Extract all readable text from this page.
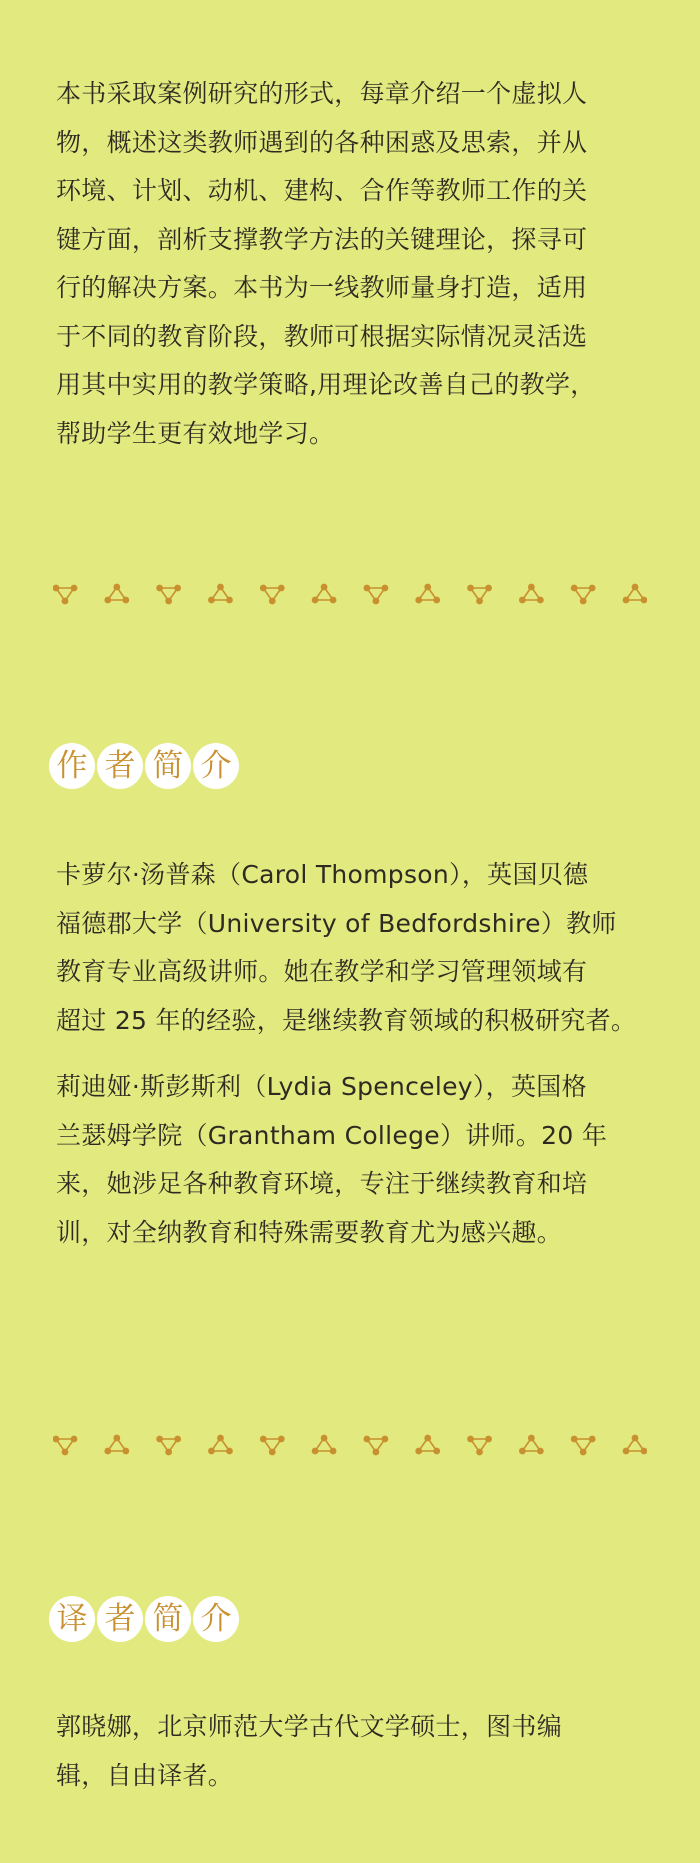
本书采取案例研究的形式，每章介绍一个虚拟人
物，概述这类教师遇到的各种困惑及思索，并从
环境、计划、动机、建构、合作等教师工作的关
键方面，剖析支撑教学方法的关键理论，探寻可
行的解决方案。本书为一线教师量身打造，适用
于不同的教育阶段，教师可根据实际情况灵活选
用其中实用的教学策略,用理论改善自己的教学，
帮助学生更有效地学习。

作 者 简 介

卡萝尔·汤普森（Carol Thompson），英国贝德
福德郡大学（University of Bedfordshire）教师
教育专业高级讲师。她在教学和学习管理领域有
超过 25 年的经验，是继续教育领域的积极研究者。

莉迪娅·斯彭斯利（Lydia Spenceley），英国格
兰瑟姆学院（Grantham College）讲师。20 年
来，她涉足各种教育环境，专注于继续教育和培
训，对全纳教育和特殊需要教育尤为感兴趣。

译 者 简 介

郭晓娜，北京师范大学古代文学硕士，图书编
辑，自由译者。
